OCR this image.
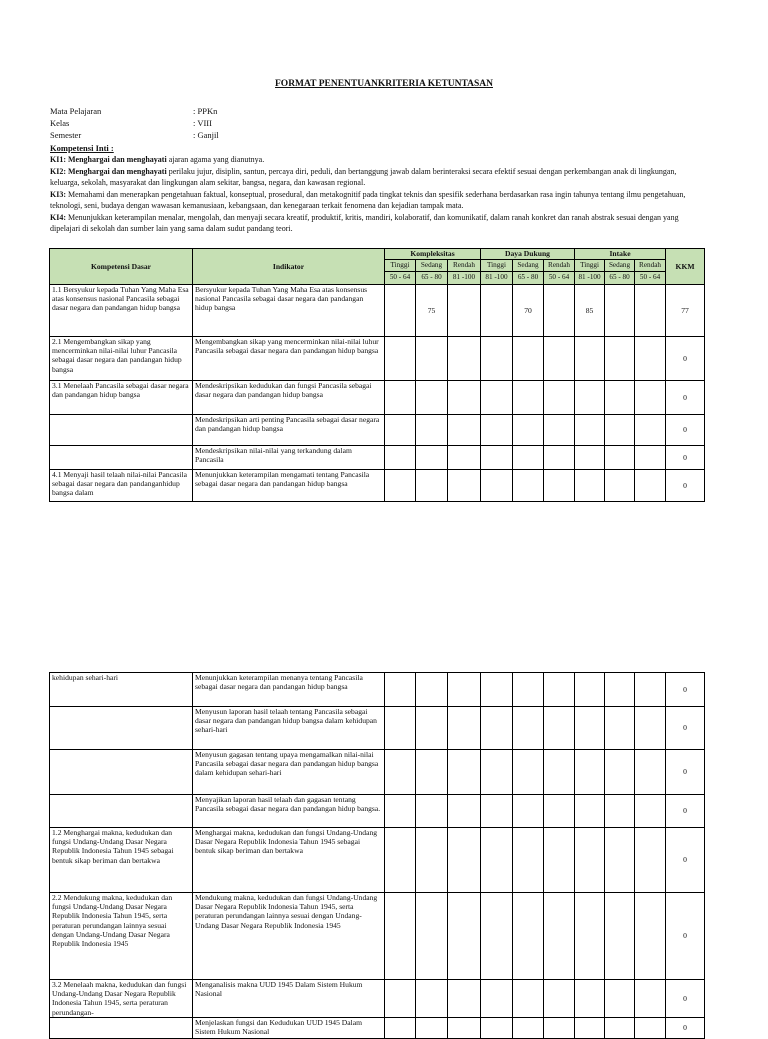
FORMAT PENENTUANKRITERIA KETUNTASAN
Mata Pelajaran	: PPKn
Kelas	: VIII
Semester	: Ganjil

Kompetensi Inti :

KI1: Menghargai dan menghayati ajaran agama yang dianutnya.

KI2: Menghargai dan menghayati perilaku jujur, disiplin, santun, percaya diri, peduli, dan bertanggung jawab dalam berinteraksi secara efektif sesuai dengan perkembangan anak di lingkungan, keluarga, sekolah, masyarakat dan lingkungan alam sekitar, bangsa, negara, dan kawasan regional.

KI3: Memahami dan menerapkan pengetahuan faktual, konseptual, prosedural, dan metakognitif pada tingkat teknis dan spesifik sederhana berdasarkan rasa ingin tahunya tentang ilmu pengetahuan, teknologi, seni, budaya dengan wawasan kemanusiaan, kebangsaan, dan kenegaraan terkait fenomena dan kejadian tampak mata.

KI4: Menunjukkan keterampilan menalar, mengolah, dan menyaji secara kreatif, produktif, kritis, mandiri, kolaboratif, dan komunikatif, dalam ranah konkret dan ranah abstrak sesuai dengan yang dipelajari di sekolah dan sumber lain yang sama dalam sudut pandang teori.

Kompetensi Dasar	Indikator	Kompleksitas			Daya Dukung			Intake			KKM
		Tinggi	Sedang	Rendah	Tinggi	Sedang	Rendah	Tinggi	Sedang	Rendah	
		50 - 64	65 - 80	81 -100	81 -100	65 - 80	50 - 64	81 -100	65 - 80	50 - 64	
1.1 Bersyukur kepada Tuhan Yang Maha Esa atas konsensus nasional Pancasila sebagai dasar negara dan pandangan hidup bangsa	Bersyukur kepada Tuhan Yang Maha Esa atas konsensus nasional Pancasila sebagai dasar negara dan pandangan hidup bangsa		75			70		85			77
2.1 Mengembangkan sikap yang mencerminkan nilai-nilai luhur Pancasila sebagai dasar negara dan pandangan hidup bangsa	Mengembangkan sikap yang mencerminkan nilai-nilai luhur Pancasila sebagai dasar negara dan pandangan hidup bangsa										0
3.1 Menelaah Pancasila sebagai dasar negara dan pandangan hidup bangsa	Mendeskripsikan kedudukan dan fungsi Pancasila sebagai dasar negara dan pandangan hidup bangsa										0
	Mendeskripsikan arti penting Pancasila sebagai dasar negara dan pandangan hidup bangsa										0
	Mendeskripsikan nilai-nilai yang terkandung dalam Pancasila										0
4.1 Menyaji hasil telaah nilai-nilai Pancasila sebagai dasar negara dan pandanganhidup bangsa dalam	Menunjukkan keterampilan mengamati tentang Pancasila sebagai dasar negara dan pandangan hidup bangsa										0
kehidupan sehari-hari	Menunjukkan keterampilan menanya tentang Pancasila sebagai dasar negara dan pandangan hidup bangsa										0
	Menyusun laporan hasil telaah tentang Pancasila sebagai dasar negara dan pandangan hidup bangsa dalam kehidupan sehari-hari										0
	Menyusun gagasan tentang upaya mengamalkan nilai-nilai Pancasila sebagai dasar negara dan pandangan hidup bangsa dalam kehidupan sehari-hari										0
	Menyajikan laporan hasil telaah dan gagasan tentang Pancasila sebagai dasar negara dan pandangan hidup bangsa.										0
1.2 Menghargai makna, kedudukan dan fungsi Undang-Undang Dasar Negara Republik Indonesia Tahun 1945 sebagai bentuk sikap beriman dan bertakwa	Menghargai makna, kedudukan dan fungsi Undang-Undang Dasar Negara Republik Indonesia Tahun 1945 sebagai bentuk sikap beriman dan bertakwa										0
2.2 Mendukung makna, kedudukan dan fungsi Undang-Undang Dasar Negara Republik Indonesia Tahun 1945, serta peraturan perundangan lainnya sesuai dengan Undang-Undang Dasar Negara Republik Indonesia 1945	Mendukung makna, kedudukan dan fungsi Undang-Undang Dasar Negara Republik Indonesia Tahun 1945, serta peraturan perundangan lainnya sesuai dengan Undang-Undang Dasar Negara Republik Indonesia 1945										0
3.2 Menelaah makna, kedudukan dan fungsi Undang-Undang Dasar Negara Republik Indonesia Tahun 1945, serta peraturan perundangan-	Menganalisis makna UUD 1945 Dalam Sistem Hukum Nasional										0
	Menjelaskan fungsi dan Kedudukan UUD 1945 Dalam Sistem Hukum Nasional										0
